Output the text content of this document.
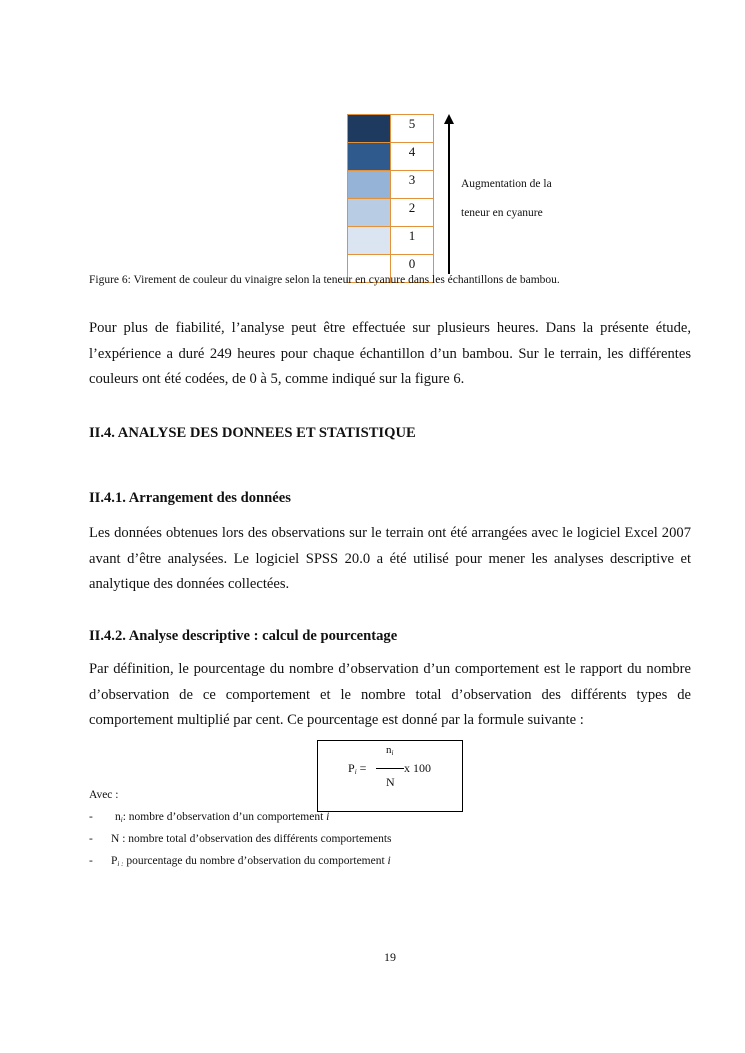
	5
	4
	3
	2
	1
	0
Augmentation de la
teneur en cyanure
Figure 6: Virement de couleur du vinaigre selon la teneur en cyanure dans les échantillons de bambou.

Pour plus de fiabilité, l’analyse peut être effectuée sur plusieurs heures. Dans la présente étude, l’expérience a duré 249 heures pour chaque échantillon d’un bambou. Sur le terrain, les différentes couleurs ont été codées, de 0 à 5, comme indiqué sur la figure 6.

II.4. ANALYSE DES DONNEES ET STATISTIQUE
II.4.1. Arrangement des données

Les données obtenues lors des observations sur le terrain ont été arrangées avec le logiciel Excel 2007 avant d’être analysées. Le logiciel SPSS 20.0 a été utilisé pour mener les analyses descriptive et analytique des données collectées.

II.4.2. Analyse descriptive : calcul de pourcentage

Par définition, le pourcentage du nombre d’observation d’un comportement est le rapport du nombre d’observation de ce comportement et le nombre total d’observation des différents types de comportement multiplié par cent. Ce pourcentage est donné par la formule suivante :

$P_i$ =
$n_i$
x 100
N
Avec :
- $n_i$: nombre d’observation d’un comportement i
- N : nombre total d’observation des différents comportements
- $P_{i :}$ pourcentage du nombre d’observation du comportement i
19
